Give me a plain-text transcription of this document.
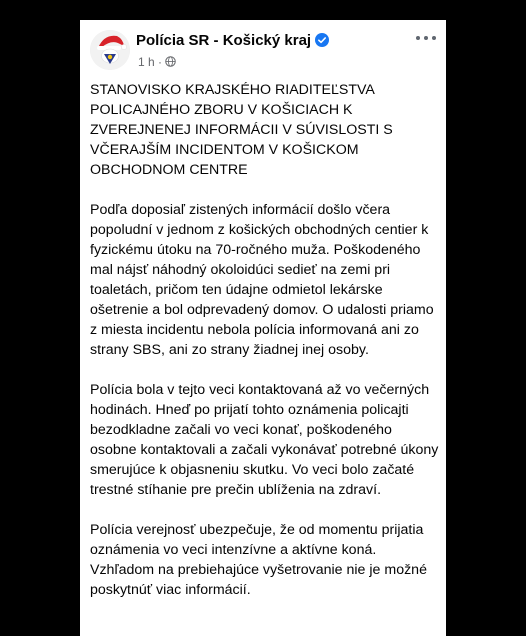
Polícia SR - Košický kraj
1 h ·

STANOVISKO KRAJSKÉHO RIADITEĽSTVA POLICAJNÉHO ZBORU V KOŠICIACH K ZVEREJNENEJ INFORMÁCII V SÚVISLOSTI S VČERAJŠÍM INCIDENTOM V KOŠICKOM OBCHODNOM CENTRE

Podľa doposiaľ zistených informácií došlo včera popoludní v jednom z košických obchodných centier k fyzickému útoku na 70-ročného muža. Poškodeného mal nájsť náhodný okoloidúci sedieť na zemi pri toaletách, pričom ten údajne odmietol lekárske ošetrenie a bol odprevadený domov. O udalosti priamo z miesta incidentu nebola polícia informovaná ani zo strany SBS, ani zo strany žiadnej inej osoby.

Polícia bola v tejto veci kontaktovaná až vo večerných hodinách. Hneď po prijatí tohto oznámenia policajti bezodkladne začali vo veci konať, poškodeného osobne kontaktovali a začali vykonávať potrebné úkony smerujúce k objasneniu skutku. Vo veci bolo začaté trestné stíhanie pre prečin ublíženia na zdraví.

Polícia verejnosť ubezpečuje, že od momentu prijatia oznámenia vo veci intenzívne a aktívne koná. Vzhľadom na prebiehajúce vyšetrovanie nie je možné poskytnúť viac informácií.
